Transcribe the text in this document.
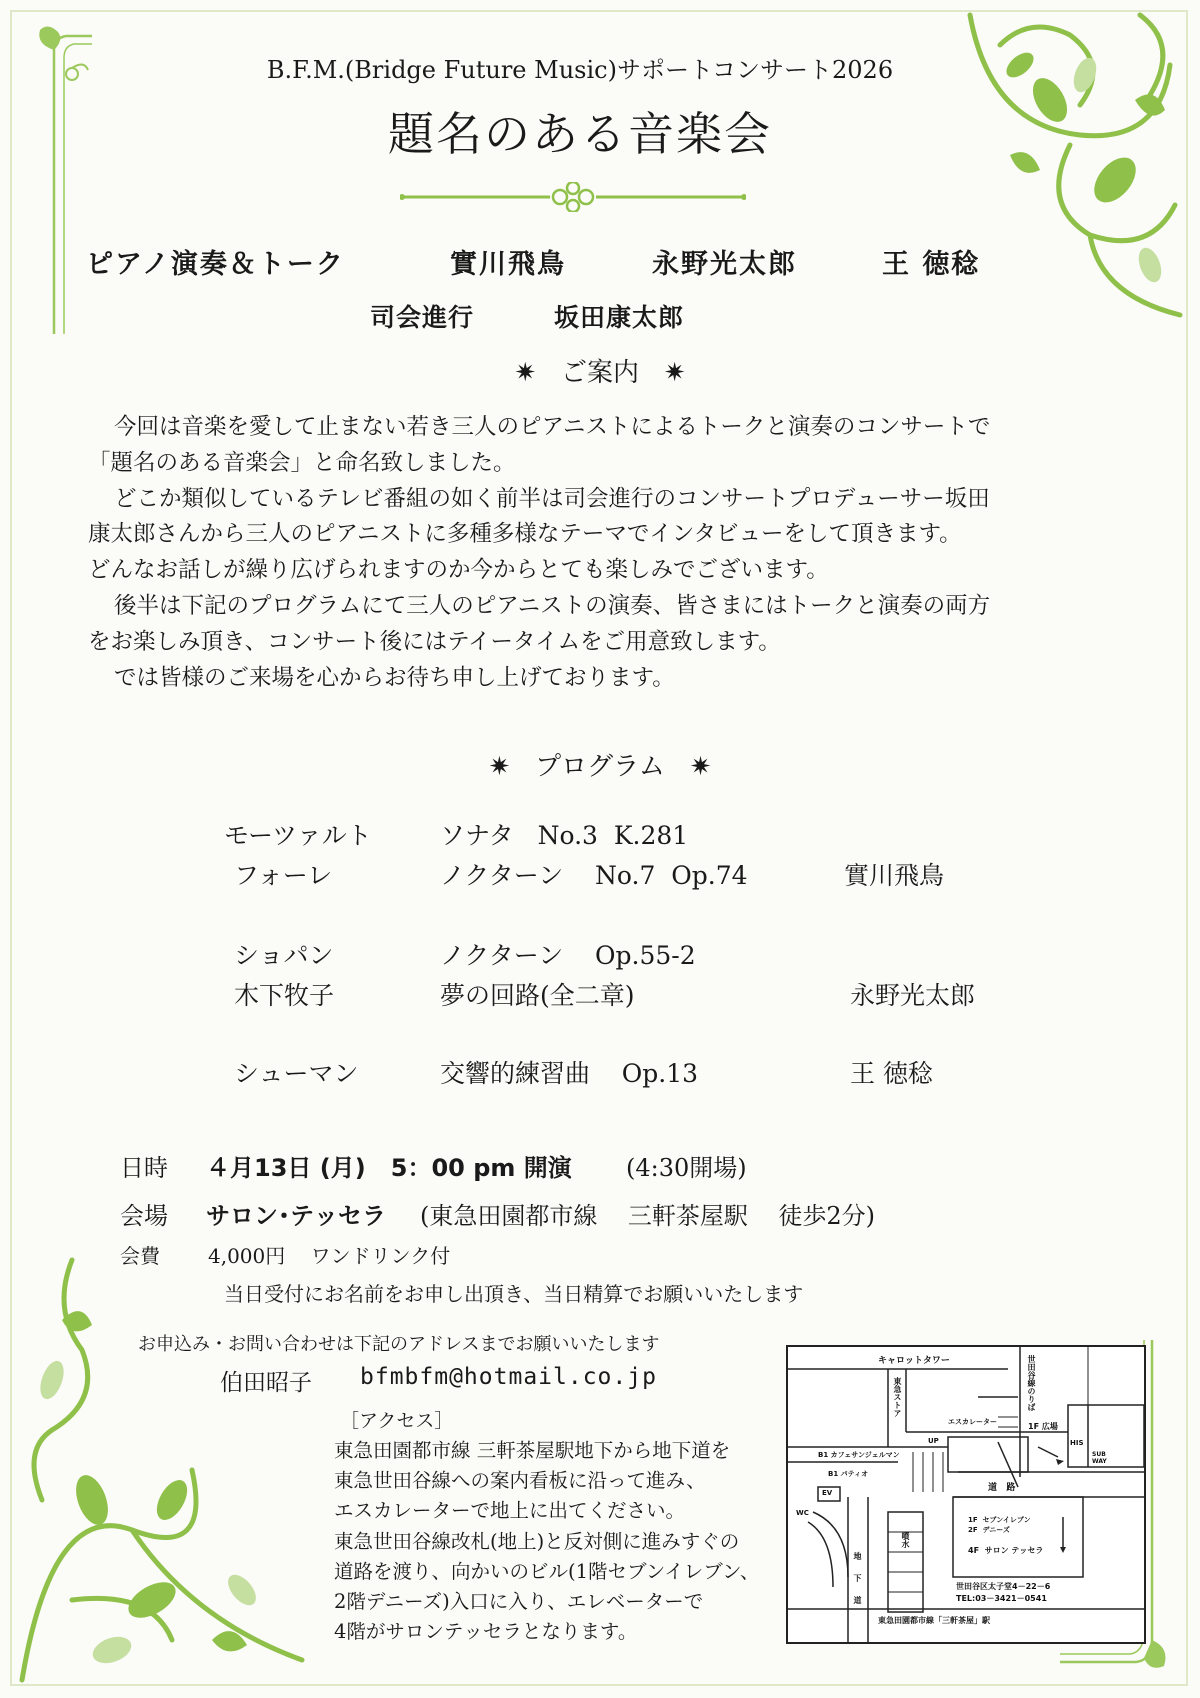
B.F.M.(Bridge Future Music)サポートコンサート2026
題名のある音楽会
ピアノ演奏＆トーク	實川飛鳥	永野光太郎	王 徳稔
司会進行	坂田康太郎
✷ ご案内 ✷
今回は音楽を愛して止まない若き三人のピアニストによるトークと演奏のコンサートで
「題名のある音楽会」と命名致しました。
どこか類似しているテレビ番組の如く前半は司会進行のコンサートプロデューサー坂田
康太郎さんから三人のピアニストに多種多様なテーマでインタビューをして頂きます。
どんなお話しが繰り広げられますのか今からとても楽しみでございます。
後半は下記のプログラムにて三人のピアニストの演奏、皆さまにはトークと演奏の両方
をお楽しみ頂き、コンサート後にはテイータイムをご用意致します。
では皆様のご来場を心からお待ち申し上げております。
✷ プログラム ✷
モーツァルト	ソナタ   No.3  K.281
フォーレ	ノクターン    No.7  Op.74	實川飛鳥
ショパン	ノクターン    Op.55-2
木下牧子	夢の回路(全二章)	永野光太郎
シューマン	交響的練習曲    Op.13	王 徳稔
日時 ４月13日 (月)   5：00 pm 開演 (4:30開場)
会場 サロン･テッセラ (東急田園都市線    三軒茶屋駅    徒歩2分)
会費 4,000円    ワンドリンク付
当日受付にお名前をお申し出頂き、当日精算でお願いいたします
お申込み・お問い合わせは下記のアドレスまでお願いいたします
伯田昭子 bfmbfm@hotmail.co.jp
［アクセス］
東急田園都市線 三軒茶屋駅地下から地下道を
東急世田谷線への案内看板に沿って進み、
エスカレーターで地上に出てください。
東急世田谷線改札(地上)と反対側に進みすぐの
道路を渡り、向かいのビル(1階セブンイレブン、
2階デニーズ)入口に入り、エレベーターで
4階がサロンテッセラとなります。
キャロットタワー	世田谷線のりば
東急ストア
エスカレーター	1F 広場
UP
B1 カフェサンジェルマン
HIS
SUB WAY
B1 パティオ
道   路
EV
WC
噴水
1F  セブンイレブン
2F  デニーズ
4F  サロン テッセラ
地下道	世田谷区太子堂4－22－6
TEL:03－3421－0541
東急田園都市線「三軒茶屋」駅
